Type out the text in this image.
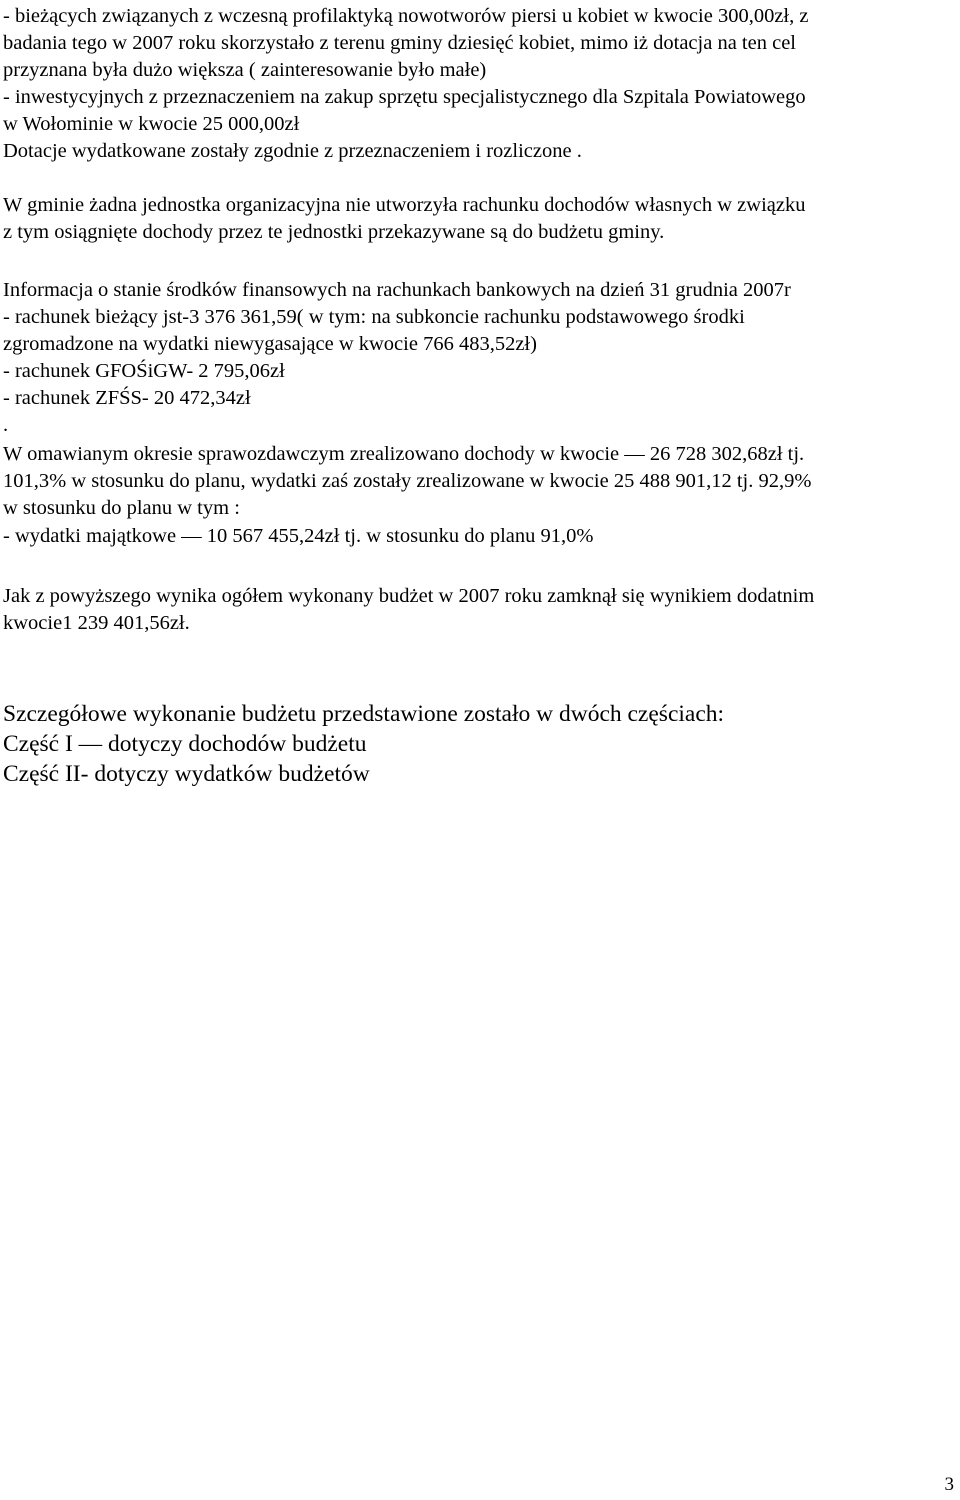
- bieżących związanych z wczesną profilaktyką nowotworów piersi u kobiet w kwocie 300,00zł, z
badania tego w 2007 roku skorzystało z terenu gminy dziesięć kobiet, mimo iż dotacja na ten cel
przyznana była dużo większa ( zainteresowanie było małe)
- inwestycyjnych z przeznaczeniem na zakup sprzętu specjalistycznego dla Szpitala Powiatowego
w Wołominie w kwocie 25 000,00zł
Dotacje wydatkowane zostały zgodnie z przeznaczeniem i rozliczone .
W gminie żadna jednostka organizacyjna nie utworzyła rachunku dochodów własnych w związku
z tym osiągnięte dochody przez te jednostki przekazywane są do budżetu gminy.
Informacja o stanie środków finansowych na rachunkach bankowych na dzień 31 grudnia 2007r
- rachunek bieżący jst-3 376 361,59( w tym: na subkoncie rachunku podstawowego środki
zgromadzone na wydatki niewygasające w kwocie 766 483,52zł)
- rachunek GFOŚiGW- 2 795,06zł
- rachunek ZFŚS- 20 472,34zł
.
W omawianym okresie sprawozdawczym zrealizowano dochody w kwocie — 26 728 302,68zł tj.
101,3% w stosunku do planu, wydatki zaś zostały zrealizowane w kwocie 25 488 901,12 tj. 92,9%
w stosunku do planu w tym :
- wydatki majątkowe — 10 567 455,24zł tj. w stosunku do planu 91,0%
Jak z powyższego wynika ogółem wykonany budżet w 2007 roku zamknął się wynikiem dodatnim
kwocie1 239 401,56zł.
Szczegółowe wykonanie budżetu przedstawione zostało w dwóch częściach:
Część I — dotyczy dochodów budżetu
Część II- dotyczy wydatków budżetów
3
